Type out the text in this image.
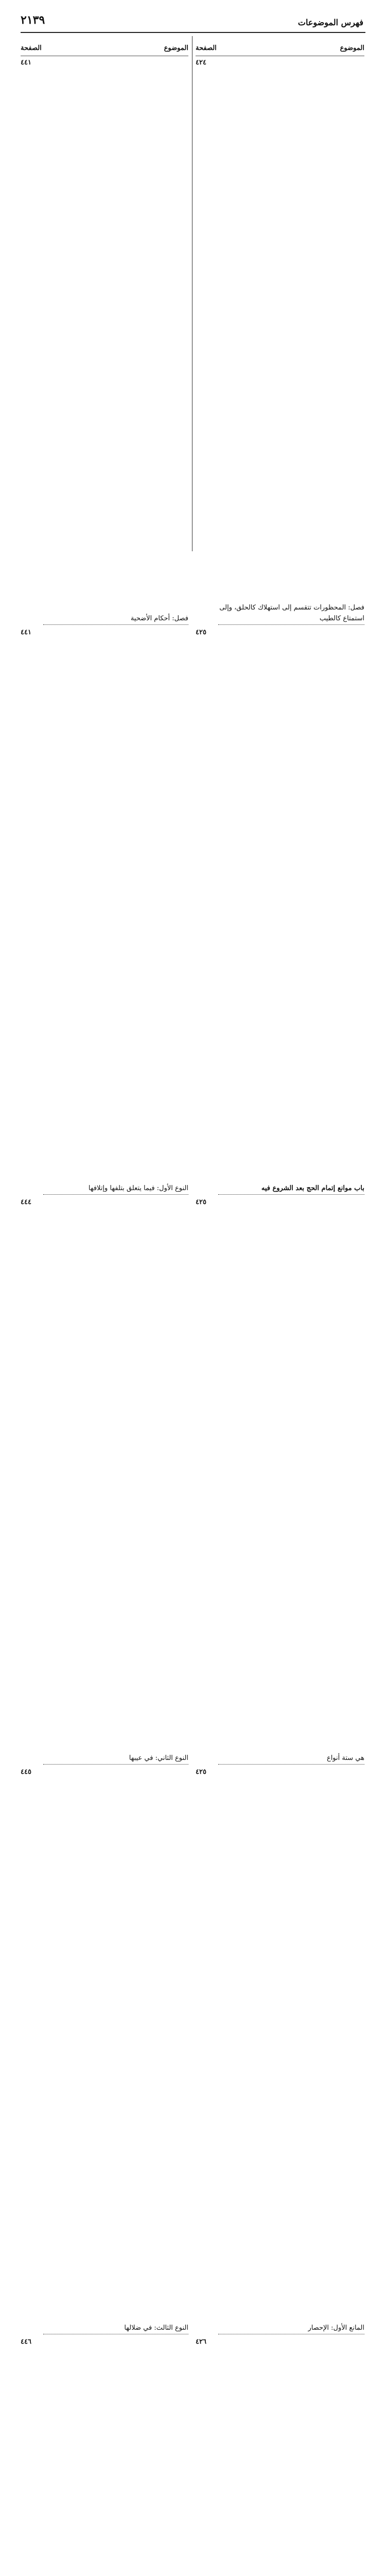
٢١٣٩	فهرس الموضوعات
الموضوع
الصفحة
فصل: المحظورات تتقسم إلى استهلاك كالحلق، وإلى استمتاع كالطيب
٤٢٤
باب موانع إتمام الحج بعد الشروع فيه
٤٢٥
هي ستة أنواع
٤٢٥
المانع الأول: الإحصار
٤٢٥
٤٢٦
الموضوع
الصفحة
فصل: أحكام الأضحية
٤٤١
النوع الأول: فيما يتعلق بتلفها وإتلافها
٤٤١
النوع الثاني: في عيبها
٤٤٤
النوع الثالث: في ضلالها
٤٤٥
٤٤٦
